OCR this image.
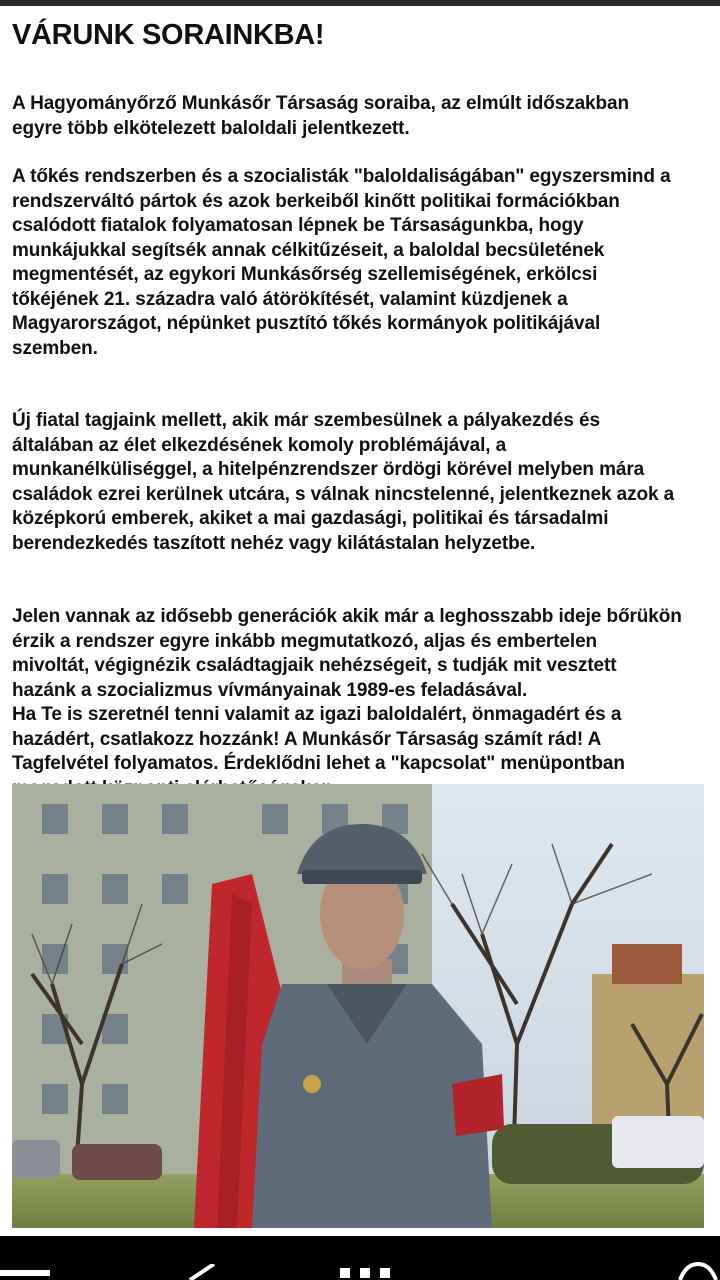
VÁRUNK SORAINKBA!

A Hagyományőrző Munkásőr Társaság soraiba, az elmúlt időszakban
egyre több elkötelezett baloldali jelentkezett.

A tőkés rendszerben és a szocialisták "baloldaliságában" egyszersmind a
rendszerváltó pártok és azok berkeiből kinőtt politikai formációkban
csalódott fiatalok folyamatosan lépnek be Társaságunkba, hogy
munkájukkal segítsék annak célkitűzéseit, a baloldal becsületének
megmentését, az egykori Munkásőrség szellemiségének, erkölcsi
tőkéjének 21. századra való átörökítését, valamint küzdjenek a
Magyarországot, népünket pusztító tőkés kormányok politikájával
szemben.

Új fiatal tagjaink mellett, akik már szembesülnek a pályakezdés és
általában az élet elkezdésének komoly problémájával, a
munkanélküliséggel, a hitelpénzrendszer ördögi körével melyben mára
családok ezrei kerülnek utcára, s válnak nincstelenné, jelentkeznek azok a
középkorú emberek, akiket a mai gazdasági, politikai és társadalmi
berendezkedés taszított nehéz vagy kilátástalan helyzetbe.

Jelen vannak az idősebb generációk akik már a leghosszabb ideje bőrükön
érzik a rendszer egyre inkább megmutatkozó, aljas és embertelen
mivoltát, végignézik családtagjaik nehézségeit, s tudják mit vesztett
hazánk a szocializmus vívmányainak 1989-es feladásával.
Ha Te is szeretnél tenni valamit az igazi baloldalért, önmagadért és a
hazádért, csatlakozz hozzánk! A Munkásőr Társaság számít rád! A
Tagfelvétel folyamatos. Érdeklődni lehet a "kapcsolat" menüpontban
